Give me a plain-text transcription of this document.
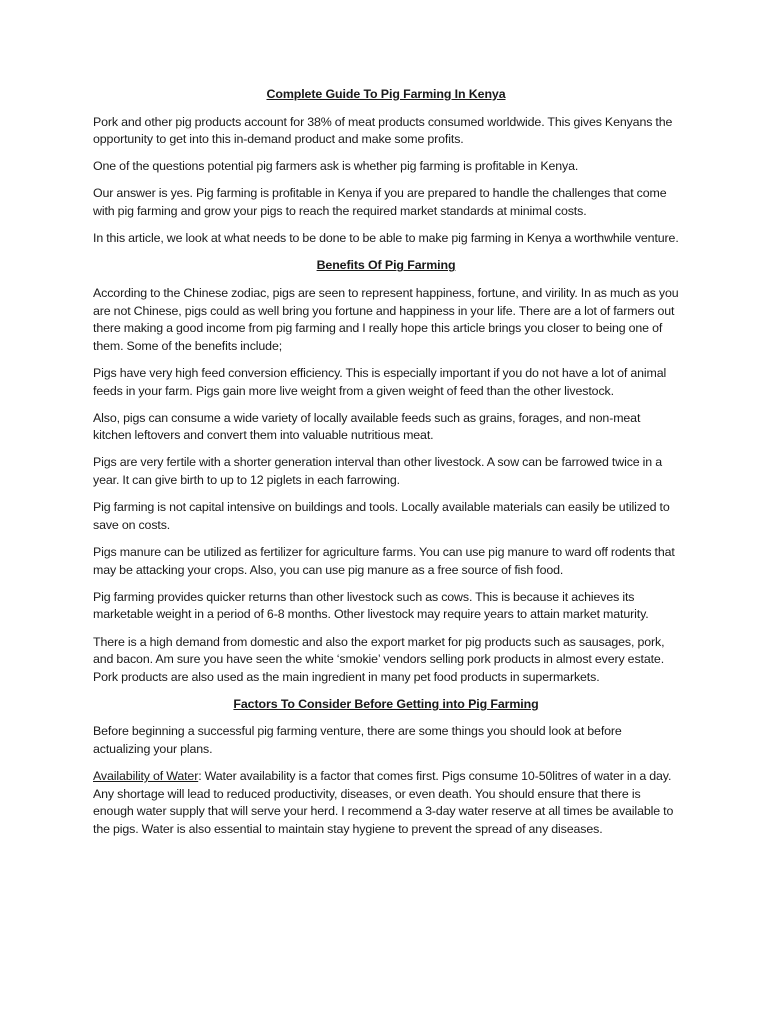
Complete Guide To Pig Farming In Kenya

Pork and other pig products account for 38% of meat products consumed worldwide. This gives Kenyans the opportunity to get into this in-demand product and make some profits.

One of the questions potential pig farmers ask is whether pig farming is profitable in Kenya.

Our answer is yes. Pig farming is profitable in Kenya if you are prepared to handle the challenges that come with pig farming and grow your pigs to reach the required market standards at minimal costs.

In this article, we look at what needs to be done to be able to make pig farming in Kenya a worthwhile venture.

Benefits Of Pig Farming

According to the Chinese zodiac, pigs are seen to represent happiness, fortune, and virility. In as much as you are not Chinese, pigs could as well bring you fortune and happiness in your life. There are a lot of farmers out there making a good income from pig farming and I really hope this article brings you closer to being one of them. Some of the benefits include;

Pigs have very high feed conversion efficiency. This is especially important if you do not have a lot of animal feeds in your farm. Pigs gain more live weight from a given weight of feed than the other livestock.

Also, pigs can consume a wide variety of locally available feeds such as grains, forages, and non-meat kitchen leftovers and convert them into valuable nutritious meat.

Pigs are very fertile with a shorter generation interval than other livestock. A sow can be farrowed twice in a year. It can give birth to up to 12 piglets in each farrowing.

Pig farming is not capital intensive on buildings and tools. Locally available materials can easily be utilized to save on costs.

Pigs manure can be utilized as fertilizer for agriculture farms. You can use pig manure to ward off rodents that may be attacking your crops. Also, you can use pig manure as a free source of fish food.

Pig farming provides quicker returns than other livestock such as cows. This is because it achieves its marketable weight in a period of 6-8 months. Other livestock may require years to attain market maturity.

There is a high demand from domestic and also the export market for pig products such as sausages, pork, and bacon. Am sure you have seen the white ‘smokie’ vendors selling pork products in almost every estate. Pork products are also used as the main ingredient in many pet food products in supermarkets.

Factors To Consider Before Getting into Pig Farming

Before beginning a successful pig farming venture, there are some things you should look at before actualizing your plans.

Availability of Water: Water availability is a factor that comes first. Pigs consume 10-50litres of water in a day. Any shortage will lead to reduced productivity, diseases, or even death. You should ensure that there is enough water supply that will serve your herd. I recommend a 3-day water reserve at all times be available to the pigs. Water is also essential to maintain stay hygiene to prevent the spread of any diseases.
